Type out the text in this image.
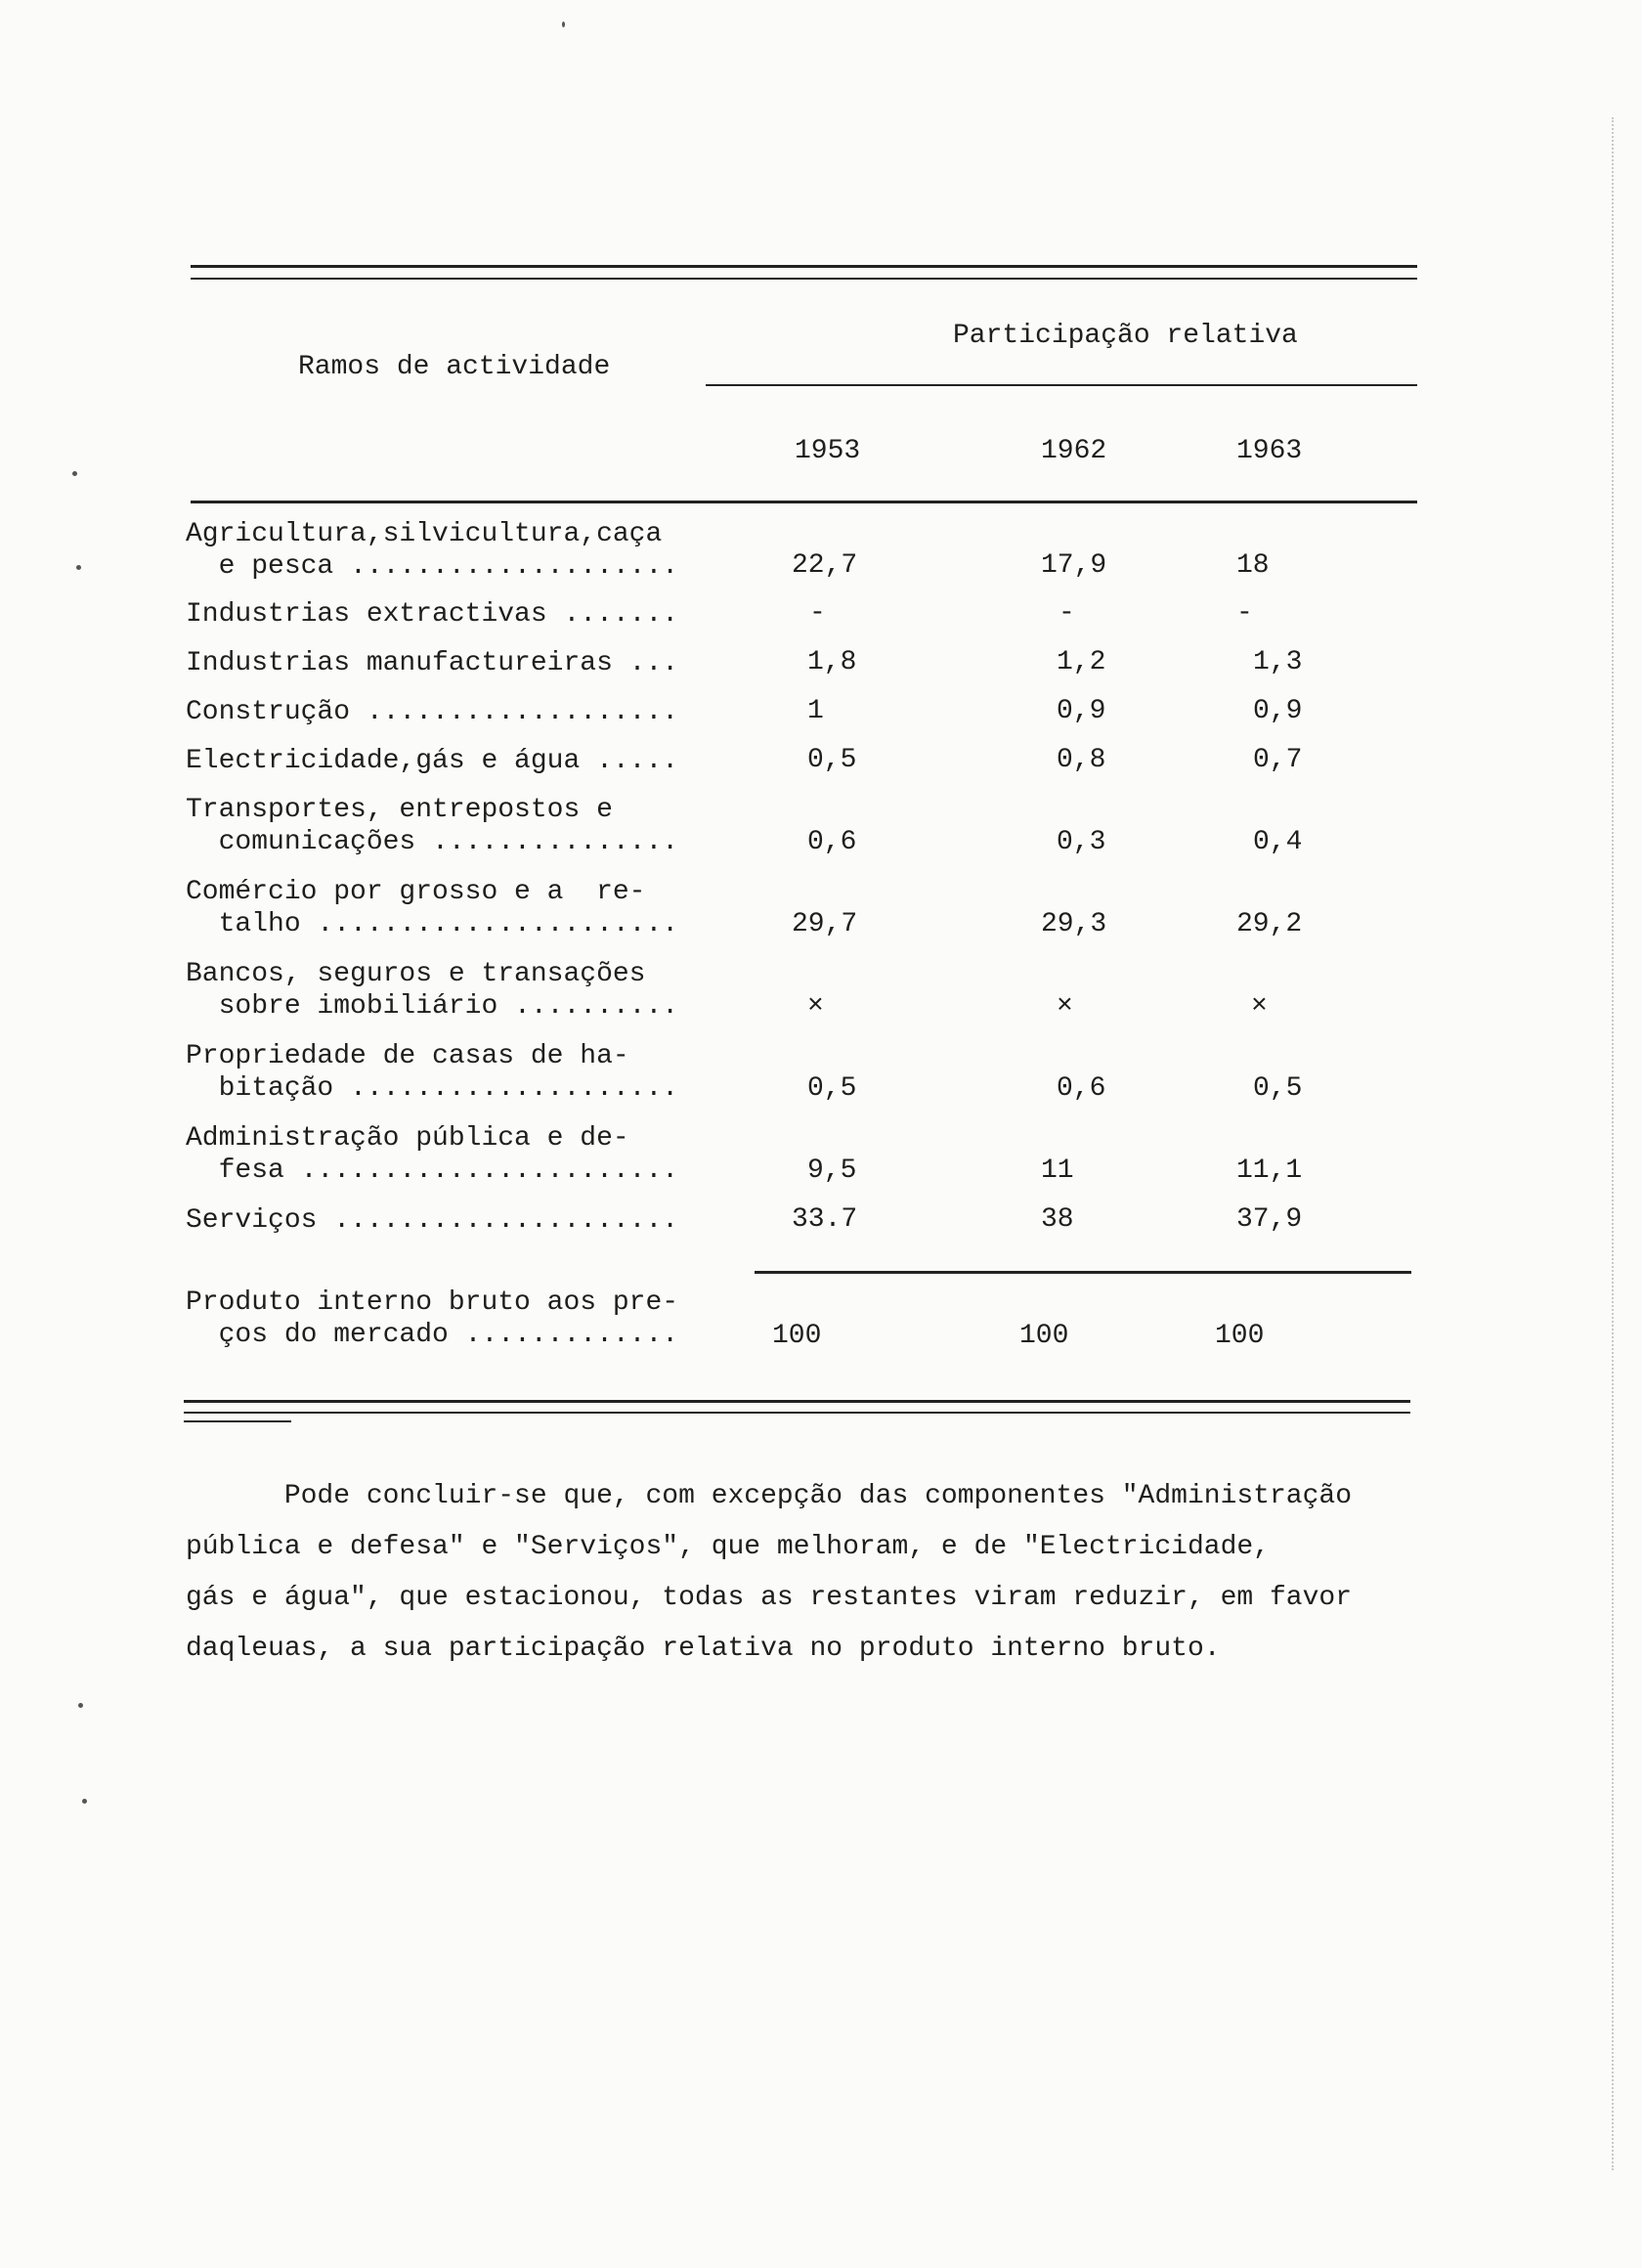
Ramos de actividade
Participação relativa
1953	1962	1963
Agricultura,silvicultura,caça
e pesca ....................	22,7	17,9	18
Industrias extractivas .......	-	-	-
Industrias manufactureiras ...	1,8	1,2	1,3
Construção ...................	1	0,9	0,9
Electricidade,gás e água .....	0,5	0,8	0,7
Transportes, entrepostos e
comunicações ...............	0,6	0,3	0,4
Comércio por grosso e a  re-
talho ......................	29,7	29,3	29,2
Bancos, seguros e transações
sobre imobiliário ..........	×	×	×
Propriedade de casas de ha-
bitação ....................	0,5	0,6	0,5
Administração pública e de-
fesa .......................	9,5	11	11,1
Serviços .....................	33.7	38	37,9
Produto interno bruto aos pre-
ços do mercado .............	100	100	100

Pode concluir-se que, com excepção das componentes "Administração

pública e defesa" e "Serviços", que melhoram, e de "Electricidade,

gás e água", que estacionou, todas as restantes viram reduzir, em favor

daqleuas, a sua participação relativa no produto interno bruto.
